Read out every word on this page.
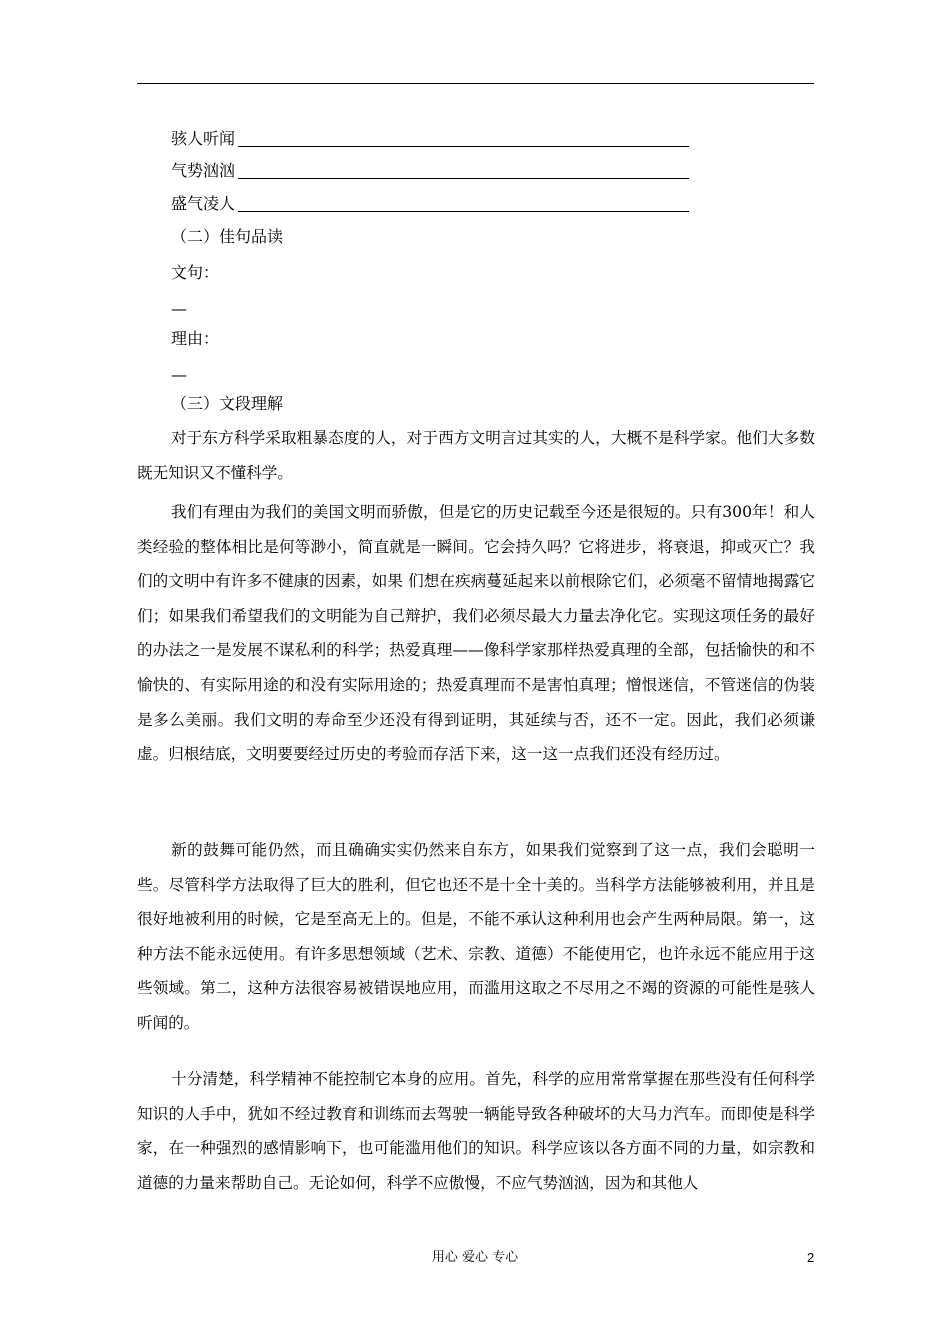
骇人听闻
气势汹汹
盛气凌人
（二）佳句品读
文句：
—
理由：
—
（三）文段理解

对于东方科学采取粗暴态度的人，对于西方文明言过其实的人，大概不是科学家。他们大多数既无知识又不懂科学。

我们有理由为我们的美国文明而骄傲，但是它的历史记载至今还是很短的。只有300年！和人类经验的整体相比是何等渺小，简直就是一瞬间。它会持久吗？它将进步，将衰退，抑或灭亡？我们的文明中有许多不健康的因素，如果 们想在疾病蔓延起来以前根除它们，必须毫不留情地揭露它们；如果我们希望我们的文明能为自己辩护，我们必须尽最大力量去净化它。实现这项任务的最好的办法之一是发展不谋私利的科学；热爱真理——像科学家那样热爱真理的全部，包括愉快的和不愉快的、有实际用途的和没有实际用途的；热爱真理而不是害怕真理；憎恨迷信，不管迷信的伪装是多么美丽。我们文明的寿命至少还没有得到证明，其延续与否，还不一定。因此，我们必须谦虚。归根结底，文明要要经过历史的考验而存活下来，这一这一点我们还没有经历过。

新的鼓舞可能仍然，而且确确实实仍然来自东方，如果我们觉察到了这一点，我们会聪明一些。尽管科学方法取得了巨大的胜利，但它也还不是十全十美的。当科学方法能够被利用，并且是很好地被利用的时候，它是至高无上的。但是，不能不承认这种利用也会产生两种局限。第一，这种方法不能永远使用。有许多思想领域（艺术、宗教、道德）不能使用它，也许永远不能应用于这些领域。第二，这种方法很容易被错误地应用，而滥用这取之不尽用之不竭的资源的可能性是骇人听闻的。

十分清楚，科学精神不能控制它本身的应用。首先，科学的应用常常掌握在那些没有任何科学知识的人手中，犹如不经过教育和训练而去驾驶一辆能导致各种破坏的大马力汽车。而即使是科学家，在一种强烈的感情影响下，也可能滥用他们的知识。科学应该以各方面不同的力量，如宗教和道德的力量来帮助自己。无论如何，科学不应傲慢，不应气势汹汹，因为和其他人

用心 爱心 专心	2
